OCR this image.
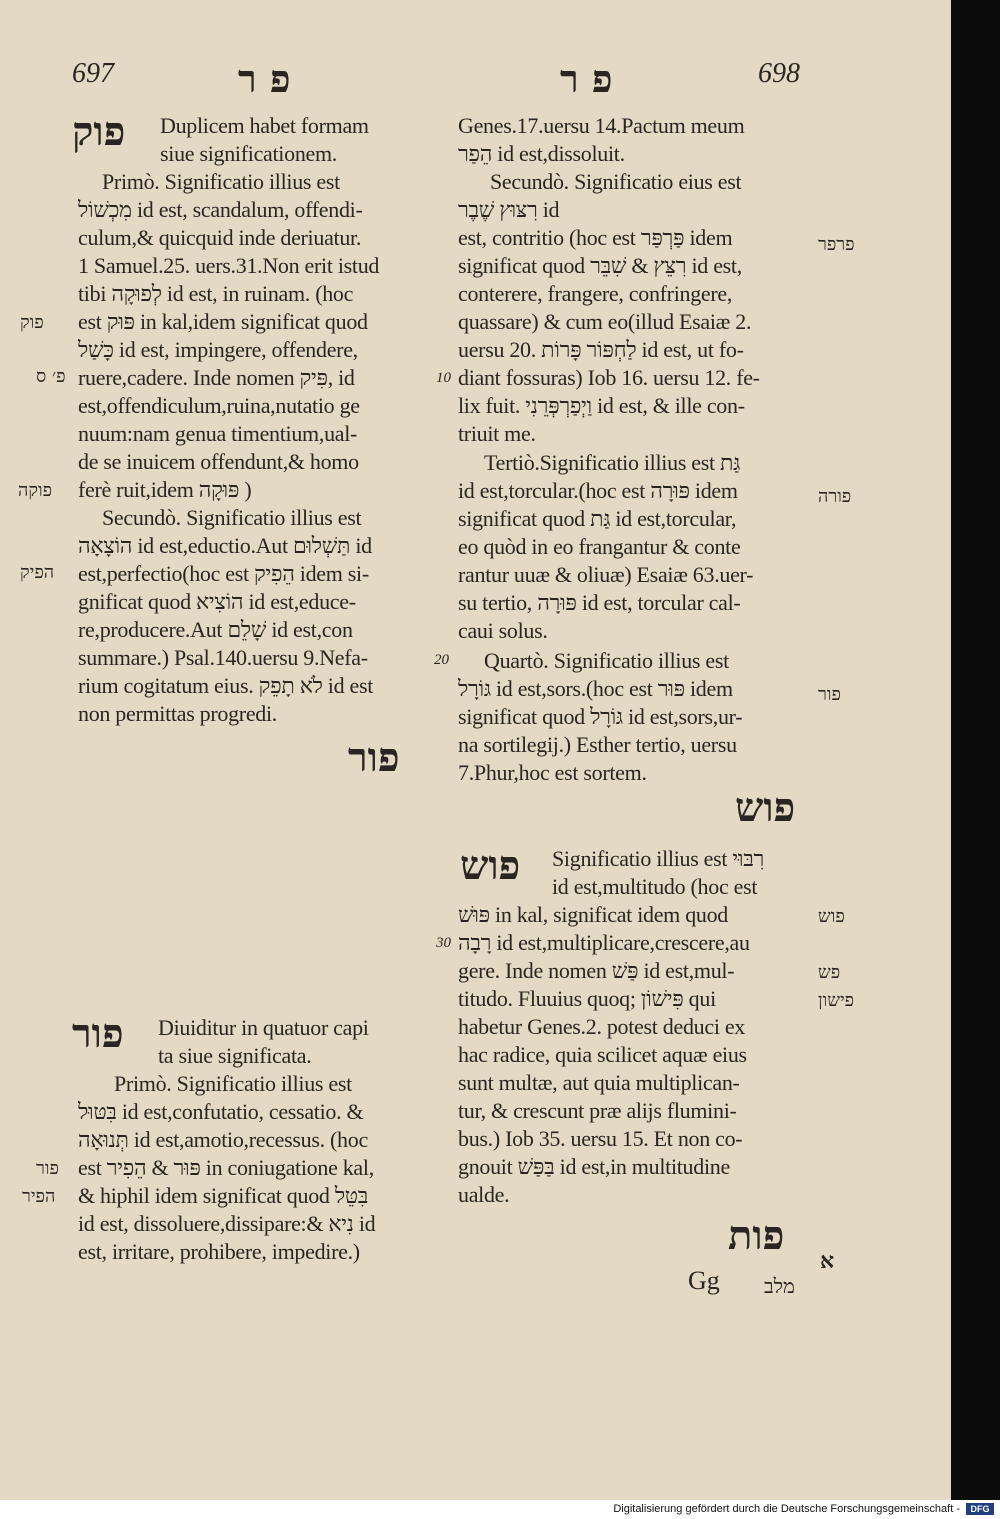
697	פ ר	פ ר	698
פוק Duplicem habet formam
siue significationem.
Primò. Significatio illius est
מִכְשׁוֹל id est, scandalum, offendi-
culum,& quicquid inde deriuatur.
1 Samuel.25. uers.31.Non erit istud
tibi לְפוּקָה id est, in ruinam. (hoc
est פּוּק in kal,idem significat quod
כָּשַׁל id est, impingere, offendere,
ruere,cadere. Inde nomen פִּיק, id
est,offendiculum,ruina,nutatio ge
nuum:nam genua timentium,ual-
de se inuicem offendunt,& homo
ferè ruit,idem פּוּקָה )
Secundò. Significatio illius est
הוֹצָאָה id est,eductio.Aut תַּשְׁלוּם id
est,perfectio(hoc est הֵפִיק idem si-
gnificat quod הוֹצִיא id est,educe-
re,producere.Aut שָׁלֵם id est,con
summare.) Psal.140.uersu 9.Nefa-
rium cogitatum eius. לֹא תָפֵק id est
non permittas progredi.
פור
פור Diuiditur in quatuor capi
ta siue significata.
Primò. Significatio illius est
בִּטּוּל id est,confutatio, cessatio. &
תְּנוּאָה id est,amotio,recessus. (hoc
est פּוּר & הֵפִיר in coniugatione kal,
& hiphil idem significat quod בִּטֵּל
id est, dissoluere,dissipare:& נִיא id
est, irritare, prohibere, impedire.)
פוק
פ׳ ס
פוקה
הפיק
פור
הפיר
10
20
30
Genes.17.uersu 14.Pactum meum
הֵפַר id est,dissoluit.
Secundò. Significatio eius est
רִצּוּץ שֶׁבֶר id
est, contritio (hoc est פַּרְפַּר idem
significat quod רִצֵּץ & שִׁבֵּר id est,
conterere, frangere, confringere,
quassare) & cum eo(illud Esaiæ 2.
uersu 20. לַחְפּוֹר פָּרוֹת id est, ut fo-
diant fossuras) Iob 16. uersu 12. fe-
lix fuit. וַיְפַרְפְּרֵנִי id est, & ille con-
triuit me.
Tertiò.Significatio illius est גַּת
id est,torcular.(hoc est פּוּרָה idem
significat quod גַּת id est,torcular,
eo quòd in eo frangantur & conte
rantur uuæ & oliuæ) Esaiæ 63.uer-
su tertio, פּוּרָה id est, torcular cal-
caui solus.
Quartò. Significatio illius est
גּוֹרָל id est,sors.(hoc est פּוּר idem
significat quod גּוֹרָל id est,sors,ur-
na sortilegij.) Esther tertio, uersu
7.Phur,hoc est sortem.
פוש
פוש Significatio illius est רִבּוּי
id est,multitudo (hoc est
פּוּשׁ in kal, significat idem quod
רָבָה id est,multiplicare,crescere,au
gere. Inde nomen פַּשׁ id est,mul-
titudo. Fluuius quoq; פִּישׁוֹן qui
habetur Genes.2. potest deduci ex
hac radice, quia scilicet aquæ eius
sunt multæ, aut quia multiplican-
tur, & crescunt præ alijs flumini-
bus.) Iob 35. uersu 15. Et non co-
gnouit בַּפַּשׁ id est,in multitudine
ualde.
פות
א
Gg מלב
פרפר
פורה
פור
פוש
פש
פישון
Digitalisierung gefördert durch die Deutsche Forschungsgemeinschaft -	DFG
